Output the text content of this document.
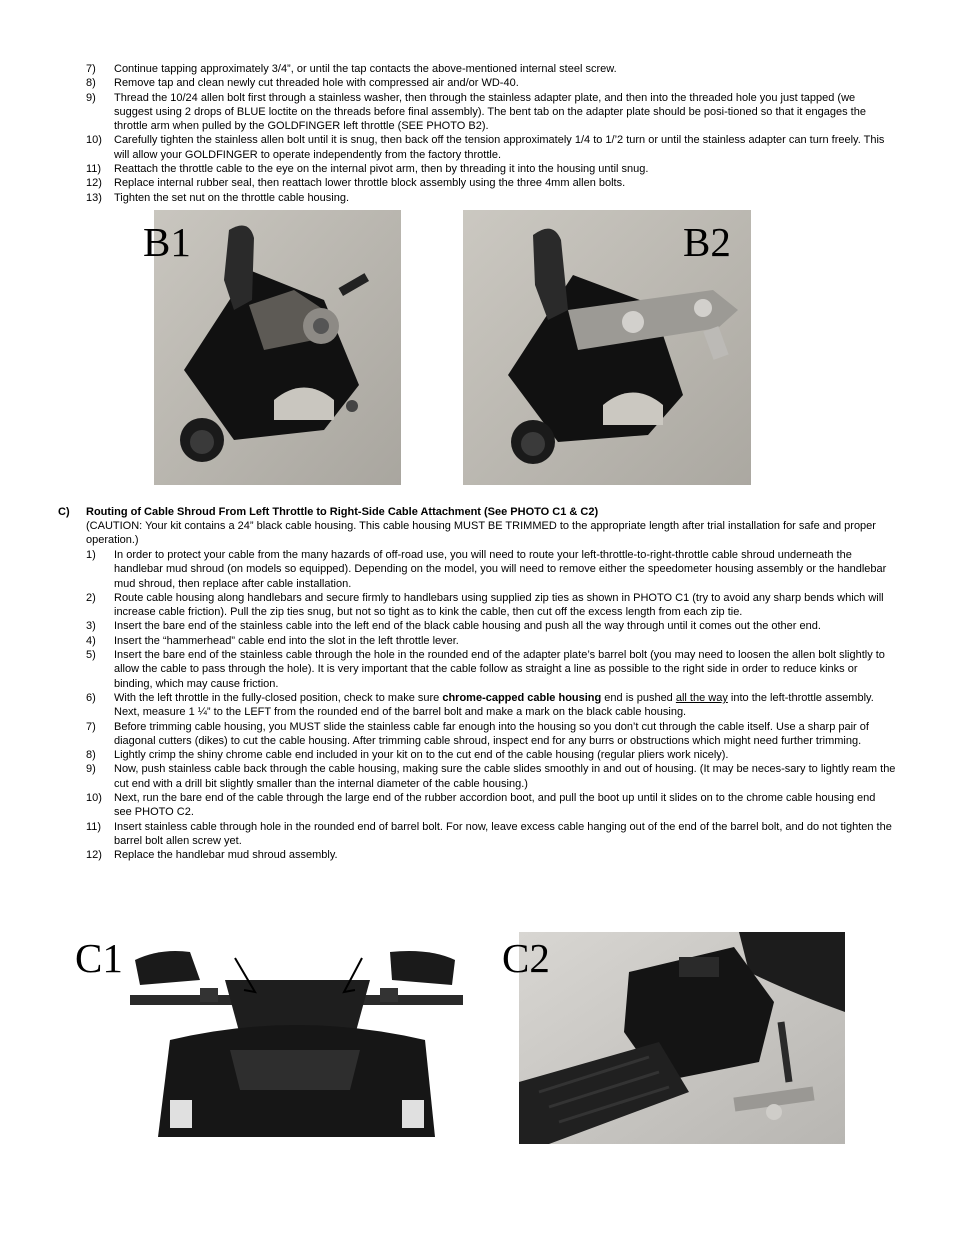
7)	Continue tapping approximately 3/4”, or until the tap contacts the above-mentioned internal steel screw.
8)	Remove tap and clean newly cut threaded hole with compressed air and/or WD-40.
9)	Thread the 10/24 allen bolt first through a stainless washer, then through the stainless adapter plate, and then into the threaded hole you just tapped (we suggest using 2 drops of BLUE loctite on the threads before final assembly). The bent tab on the adapter plate should be posi-tioned so that it engages the throttle arm when pulled by the GOLDFINGER left throttle (SEE PHOTO B2).
10)	Carefully tighten the stainless allen bolt until it is snug, then back off the tension approximately 1/4 to 1/’2 turn or until the stainless adapter can turn freely. This will allow your GOLDFINGER to operate independently from the factory throttle.
11)	Reattach the throttle cable to the eye on the internal pivot arm, then by threading it into the housing until snug.
12)	Replace internal rubber seal, then reattach lower throttle block assembly using the three 4mm allen bolts.
13)	Tighten the set nut on the throttle cable housing.
B1	B2
C) Routing of Cable Shroud From Left Throttle to Right-Side Cable Attachment (See PHOTO C1 & C2)
(CAUTION: Your kit contains a 24” black cable housing. This cable housing MUST BE TRIMMED to the appropriate length after trial installation for safe and proper operation.)
1)	In order to protect your cable from the many hazards of off-road use, you will need to route your left-throttle-to-right-throttle cable shroud underneath the handlebar mud shroud (on models so equipped). Depending on the model, you will need to remove either the speedometer housing assembly or the handlebar mud shroud, then replace after cable installation.
2)	Route cable housing along handlebars and secure firmly to handlebars using supplied zip ties as shown in PHOTO C1 (try to avoid any sharp bends which will increase cable friction). Pull the zip ties snug, but not so tight as to kink the cable, then cut off the excess length from each zip tie.
3)	Insert the bare end of the stainless cable into the left end of the black cable housing and push all the way through until it comes out the other end.
4)	Insert the “hammerhead” cable end into the slot in the left throttle lever.
5)	Insert the bare end of the stainless cable through the hole in the rounded end of the adapter plate’s barrel bolt (you may need to loosen the allen bolt slightly to allow the cable to pass through the hole). It is very important that the cable follow as straight a line as possible to the right side in order to reduce kinks or binding, which may cause friction.
6)	With the left throttle in the fully-closed position, check to make sure chrome-capped cable housing end is pushed all the way into the left-throttle assembly. Next, measure 1 ¼” to the LEFT from the rounded end of the barrel bolt and make a mark on the black cable housing.
7)	Before trimming cable housing, you MUST slide the stainless cable far enough into the housing so you don’t cut through the cable itself. Use a sharp pair of diagonal cutters (dikes) to cut the cable housing. After trimming cable shroud, inspect end for any burrs or obstructions which might need further trimming.
8)	Lightly crimp the shiny chrome cable end included in your kit on to the cut end of the cable housing (regular pliers work nicely).
9)	Now, push stainless cable back through the cable housing, making sure the cable slides smoothly in and out of housing. (It may be neces-sary to lightly ream the cut end with a drill bit slightly smaller than the internal diameter of the cable housing.)
10)	Next, run the bare end of the cable through the large end of the rubber accordion boot, and pull the boot up until it slides on to the chrome cable housing end see PHOTO C2.
11)	Insert stainless cable through hole in the rounded end of barrel bolt. For now, leave excess cable hanging out of the end of the barrel bolt, and do not tighten the barrel bolt allen screw yet.
12)	Replace the handlebar mud shroud assembly.
C1	C2
